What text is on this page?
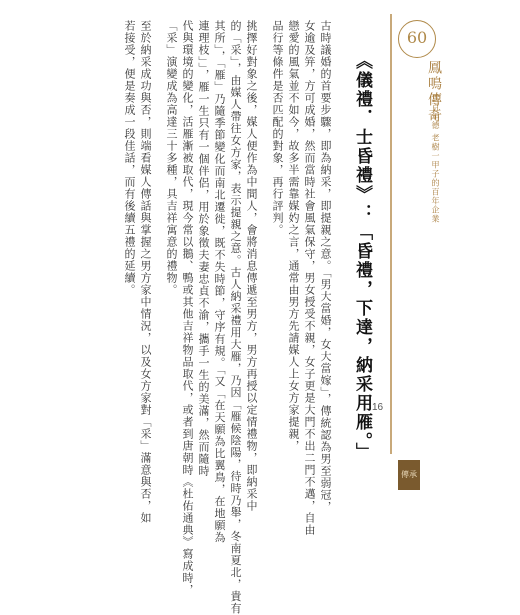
60
鳳鳴傳奇
雲百年德 老樹一甲子的百年企業
16
傳承
《儀禮．士昏禮》：「昏禮，下達，納采用雁。」
古時議婚的首要步驟，即為納采，即提親之意。「男大當婚，女大當嫁」，傳統認為男至弱冠，
女逾及笄，方可成婚，然而當時社會風氣保守，男女授受不親，女子更是大門不出二門不邁，自由
戀愛的風氣並不如今，故多半需靠媒妁之言，通常由男方先請媒人上女方家提親，
品行等條件是否匹配的對象，再行評判。
挑擇好對象之後，媒人便作為中間人，會將消息傳遞至男方，男方再授以定情禮物，即納采中
的「采」，由媒人帶往女方家，表示提親之意。古人納采禮用大雁，乃因「雁候陰陽，待時乃舉，冬南夏北，貴有
其所」，「雁」乃隨季節變化而南北遷徙，既不失時節，守序有規。「又「在天願為比翼鳥，在地願為
連理枝」」，雁一生只有一個伴侶，用於象徵夫妻忠貞不渝，攜手一生的美滿，然而隨時
代與環境的變化，活雁漸被取代，現今常以鵝、鴨或其他吉祥物品取代，或者到唐朝時《杜佑通典》寫成時，
「采」演變成為高達三十多種，具吉祥寓意的禮物。
至於納采成功與否，則端看媒人傳話與掌握之男方家中情況，以及女方家對「采」滿意與否，如
若接受，便是奏成一段佳話，而有後續五禮的延續。
